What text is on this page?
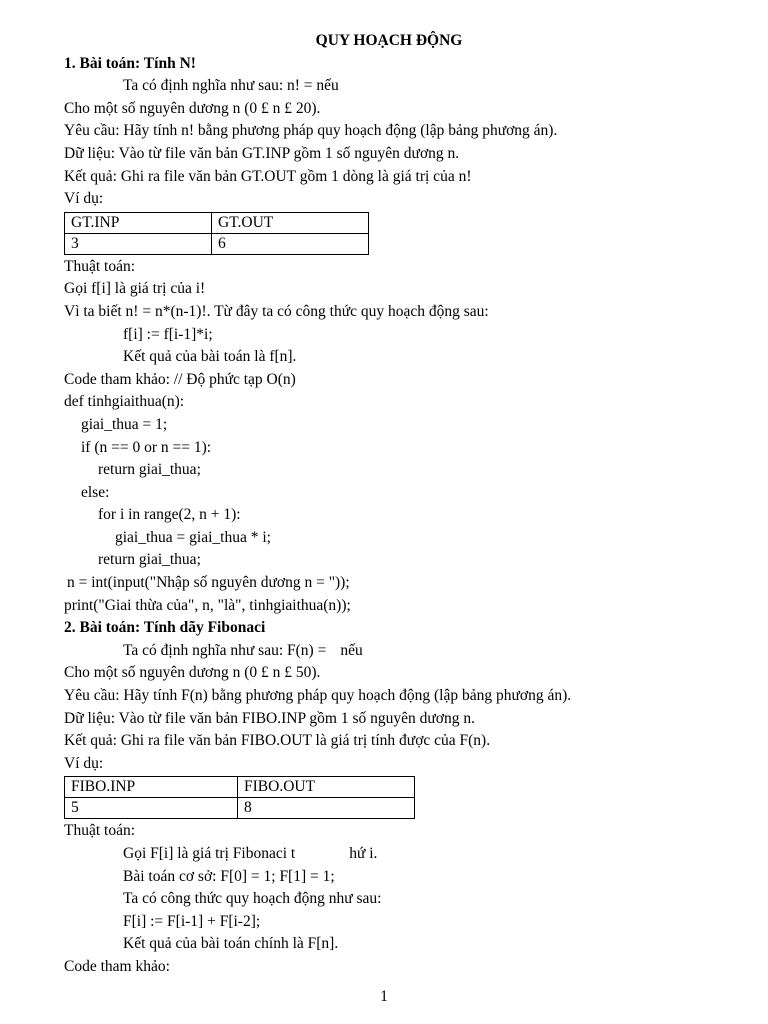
QUY HOẠCH ĐỘNG
1. Bài toán: Tính N!
Ta có định nghĩa như sau: n! = nếu
Cho một số nguyên dương n (0 £ n £ 20).
Yêu cầu: Hãy tính n! bằng phương pháp quy hoạch động (lập bảng phương án).
Dữ liệu: Vào từ file văn bản GT.INP gồm 1 số nguyên dương n.
Kết quả: Ghi ra file văn bản GT.OUT gồm 1 dòng là giá trị của n!
Ví dụ:
GT.INP	GT.OUT
3	6
Thuật toán:
Gọi f[i] là giá trị của i!
Vì ta biết n! = n*(n-1)!. Từ đây ta có công thức quy hoạch động sau:
f[i] := f[i-1]*i;
Kết quả của bài toán là f[n].
Code tham khảo: // Độ phức tạp O(n)
def tinhgiaithua(n):
giai_thua = 1;
if (n == 0 or n == 1):
return giai_thua;
else:
for i in range(2, n + 1):
giai_thua = giai_thua * i;
return giai_thua;
n = int(input("Nhập số nguyên dương n = "));
print("Giai thừa của", n, "là", tinhgiaithua(n));
2. Bài toán: Tính dãy Fibonaci
Ta có định nghĩa như sau: F(n) = nếu
Cho một số nguyên dương n (0 £ n £ 50).
Yêu cầu: Hãy tính F(n) bằng phương pháp quy hoạch động (lập bảng phương án).
Dữ liệu: Vào từ file văn bản FIBO.INP gồm 1 số nguyên dương n.
Kết quả: Ghi ra file văn bản FIBO.OUT là giá trị tính được của F(n).
Ví dụ:
FIBO.INP	FIBO.OUT
5	8
Thuật toán:
Gọi F[i] là giá trị Fibonaci t	hứ i.
Bài toán cơ sở: F[0] = 1; F[1] = 1;
Ta có công thức quy hoạch động như sau:
F[i] := F[i-1] + F[i-2];
Kết quả của bài toán chính là F[n].
Code tham khảo:
1
